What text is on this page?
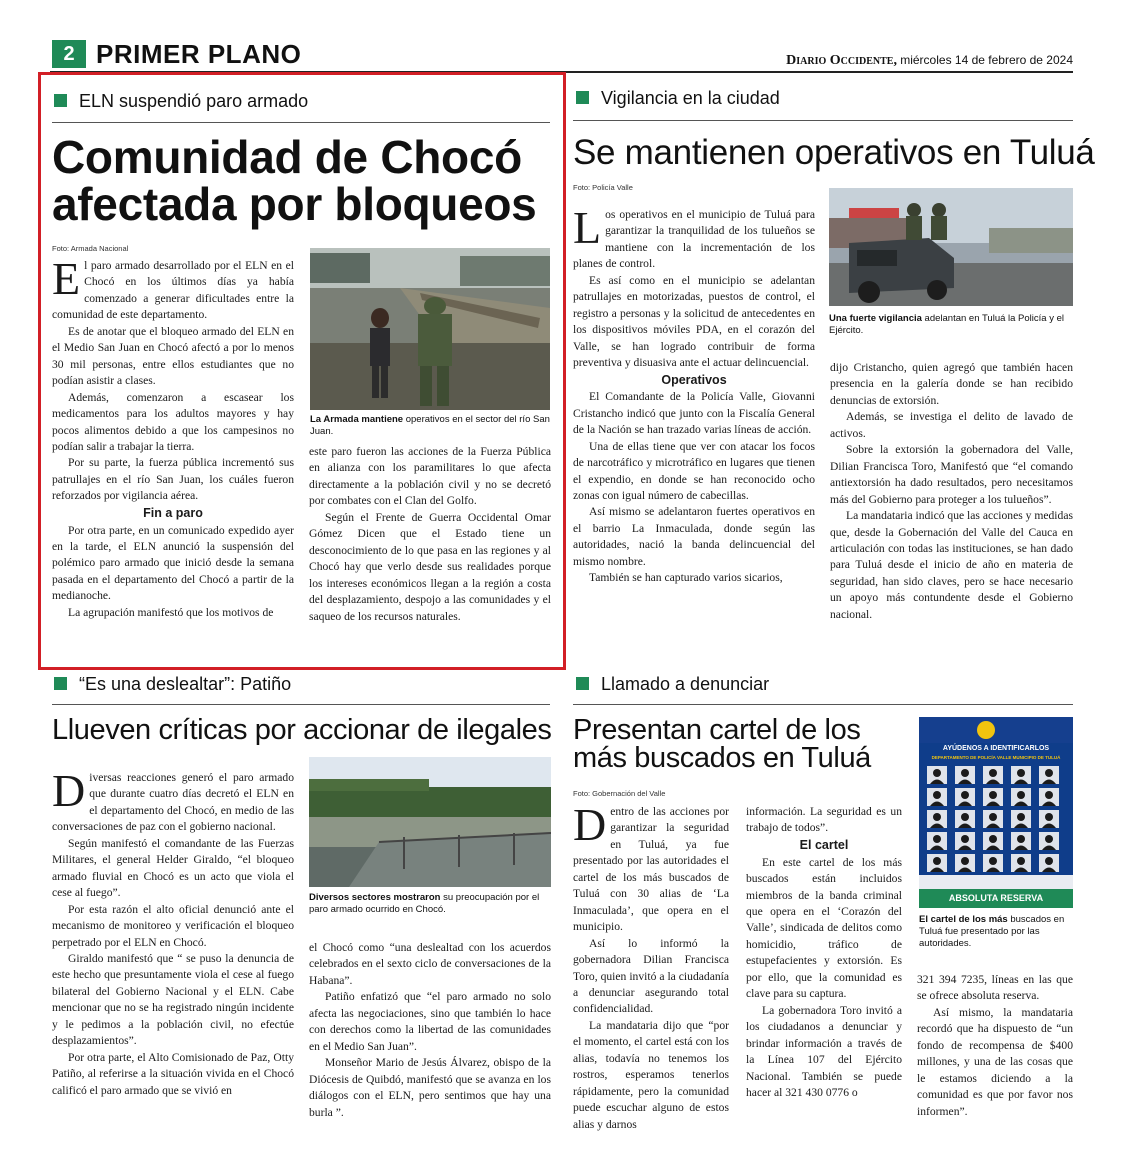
2 PRIMER PLANO	Diario Occidente, miércoles 14 de febrero de 2024
ELN suspendió paro armado
Comunidad de Chocó
afectada por bloqueos
Foto: Armada Nacional

El paro armado desarrollado por el ELN en el Chocó en los últimos días ya había comenzado a generar dificultades entre la comunidad de este departamento.

Es de anotar que el bloqueo armado del ELN en el Medio San Juan en Chocó afectó a por lo menos 30 mil personas, entre ellos estudiantes que no podían asistir a clases.

Además, comenzaron a escasear los medicamentos para los adultos mayores y hay pocos alimentos debido a que los campesinos no podían salir a trabajar la tierra.

Por su parte, la fuerza pública incrementó sus patrullajes en el río San Juan, los cuáles fueron reforzados por vigilancia aérea.

Fin a paro

Por otra parte, en un comunicado expedido ayer en la tarde, el ELN anunció la suspensión del polémico paro armado que inició desde la semana pasada en el departamento del Chocó a partir de la medianoche.

La agrupación manifestó que los motivos de

La Armada mantiene operativos en el sector del río San Juan.

este paro fueron las acciones de la Fuerza Pública en alianza con los paramilitares lo que afecta directamente a la población civil y no se decretó por combates con el Clan del Golfo.

Según el Frente de Guerra Occidental Omar Gómez Dicen que el Estado tiene un desconocimiento de lo que pasa en las regiones y al Chocó hay que verlo desde sus realidades porque los intereses económicos llegan a la región a costa del desplazamiento, despojo a las comunidades y el saqueo de los recursos naturales.

Vigilancia en la ciudad
Se mantienen operativos en Tuluá
Foto: Policía Valle

Los operativos en el municipio de Tuluá para garantizar la tranquilidad de los tulueños se mantiene con la incrementación de los planes de control.

Es así como en el municipio se adelantan patrullajes en motorizadas, puestos de control, el registro a personas y la solicitud de antecedentes en los dispositivos móviles PDA, en el corazón del Valle, se han logrado contribuir de forma preventiva y disuasiva ante el actuar delincuencial.

Operativos

El Comandante de la Policía Valle, Giovanni Cristancho indicó que junto con la Fiscalía General de la Nación se han trazado varias líneas de acción.

Una de ellas tiene que ver con atacar los focos de narcotráfico y microtráfico en lugares que tienen el expendio, en donde se han reconocido ocho zonas con igual número de cabecillas.

Así mismo se adelantaron fuertes operativos en el barrio La Inmaculada, donde según las autoridades, nació la banda delincuencial del mismo nombre.

También se han capturado varios sicarios,

Una fuerte vigilancia adelantan en Tuluá la Policía y el Ejército.

dijo Cristancho, quien agregó que también hacen presencia en la galería donde se han recibido denuncias de extorsión.

Además, se investiga el delito de lavado de activos.

Sobre la extorsión la gobernadora del Valle, Dilian Francisca Toro, Manifestó que “el comando antiextorsión ha dado resultados, pero necesitamos más del Gobierno para proteger a los tulueños”.

La mandataria indicó que las acciones y medidas que, desde la Gobernación del Valle del Cauca en articulación con todas las instituciones, se han dado para Tuluá desde el inicio de año en materia de seguridad, han sido claves, pero se hace necesario un apoyo más contundente desde el Gobierno nacional.

“Es una deslealtar”: Patiño
Llueven críticas por accionar de ilegales

Diversas reacciones generó el paro armado que durante cuatro días decretó el ELN en el departamento del Chocó, en medio de las conversaciones de paz con el gobierno nacional.

Según manifestó el comandante de las Fuerzas Militares, el general Helder Giraldo, “el bloqueo armado fluvial en Chocó es un acto que viola el cese al fuego”.

Por esta razón el alto oficial denunció ante el mecanismo de monitoreo y verificación el bloqueo perpetrado por el ELN en Chocó.

Giraldo manifestó que “ se puso la denuncia de este hecho que presuntamente viola el cese al fuego bilateral del Gobierno Nacional y el ELN. Cabe mencionar que no se ha registrado ningún incidente y le pedimos a la población civil, no efectúe desplazamientos”.

Por otra parte, el Alto Comisionado de Paz, Otty Patiño, al referirse a la situación vivida en el Chocó calificó el paro armado que se vivió en

Diversos sectores mostraron su preocupación por el paro armado ocurrido en Chocó.

el Chocó como “una deslealtad con los acuerdos celebrados en el sexto ciclo de conversaciones de la Habana”.

Patiño enfatizó que “el paro armado no solo afecta las negociaciones, sino que también lo hace con derechos como la libertad de las comunidades en el Medio San Juan”.

Monseñor Mario de Jesús Álvarez, obispo de la Diócesis de Quibdó, manifestó que se avanza en los diálogos con el ELN, pero sentimos que hay una burla ”.

Llamado a denunciar
Presentan cartel de los
más buscados en Tuluá
Foto: Gobernación del Valle

Dentro de las acciones por garantizar la seguridad en Tuluá, ya fue presentado por las autoridades el cartel de los más buscados de Tuluá con 30 alias de ‘La Inmaculada’, que opera en el municipio.

Así lo informó la gobernadora Dilian Francisca Toro, quien invitó a la ciudadanía a denunciar asegurando total confidencialidad.

La mandataria dijo que “por el momento, el cartel está con los alias, todavía no tenemos los rostros, esperamos tenerlos rápidamente, pero la comunidad puede escuchar alguno de estos alias y darnos

información. La seguridad es un trabajo de todos”.

El cartel

En este cartel de los más buscados están incluidos miembros de la banda criminal que opera en el ‘Corazón del Valle’, sindicada de delitos como homicidio, tráfico de estupefacientes y extorsión. Es por ello, que la comunidad es clave para su captura.

La gobernadora Toro invitó a los ciudadanos a denunciar y brindar información a través de la Línea 107 del Ejército Nacional. También se puede hacer al 321 430 0776 o

AYÚDENOS A IDENTIFICARLOS
DEPARTAMENTO DE POLICÍA VALLE MUNICIPIO DE TULUÁ
ABSOLUTA RESERVA
El cartel de los más buscados en Tuluá fue presentado por las autoridades.

321 394 7235, líneas en las que se ofrece absoluta reserva.

Así mismo, la mandataria recordó que ha dispuesto de “un fondo de recompensa de $400 millones, y una de las cosas que le estamos diciendo a la comunidad es que por favor nos informen”.
